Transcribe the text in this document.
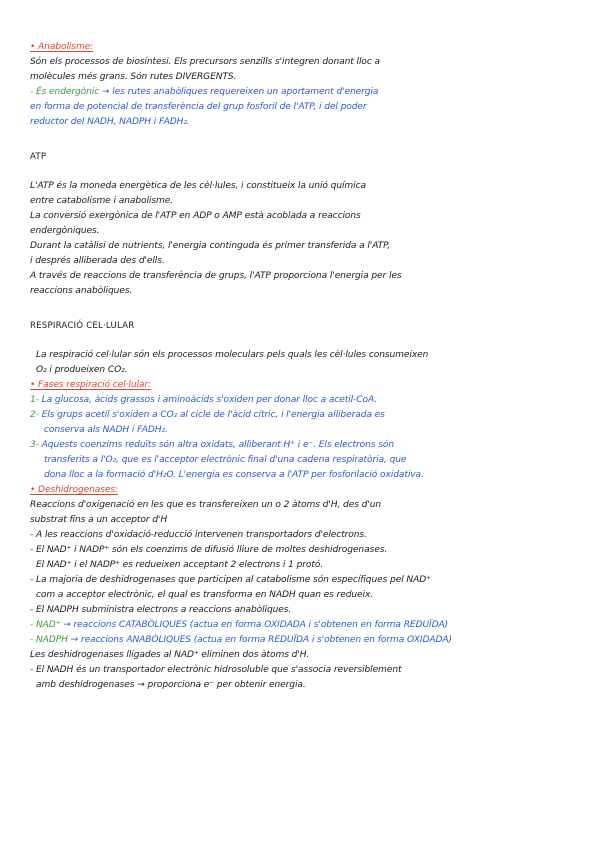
• Anabolisme:

Són els processos de biosíntesi. Els precursors senzills s'integren donant lloc a

molècules més grans. Són rutes DIVERGENTS.

- És endergònic → les rutes anabòliques requereixen un aportament d'energia

en forma de potencial de transferència del grup fosforil de l'ATP, i del poder

reductor del NADH, NADPH i FADH₂.

ATP

L'ATP és la moneda energètica de les cèl·lules, i constitueix la unió química

entre catabolisme i anabolisme.

La conversió exergònica de l'ATP en ADP o AMP està acoblada a reaccions

endergòniques.

Durant la catàlisi de nutrients, l'energia continguda és primer transferida a l'ATP,

i després alliberada des d'ells.

A través de reaccions de transferència de grups, l'ATP proporciona l'energia per les

reaccions anabòliques.

RESPIRACIÓ CEL·LULAR

La respiració cel·lular són els processos moleculars pels quals les cèl·lules consumeixen

O₂ i produeixen CO₂.

• Fases respiració cel·lular:

1- La glucosa, àcids grassos i aminoàcids s'oxiden per donar lloc a acetil-CoA.

2- Els grups acetil s'oxiden a CO₂ al cicle de l'àcid cítric, i l'energia alliberada es

conserva als NADH i FADH₂.

3- Aquests coenzims reduïts són altra oxidats, alliberant H⁺ i e⁻. Els electrons són

transferits a l'O₂, que es l'acceptor electrònic final d'una cadena respiratòria, que

dona lloc a la formació d'H₂O. L'energia es conserva a l'ATP per fosforilació oxidativa.

• Deshidrogenases:

Reaccions d'oxigenació en les que es transfereixen un o 2 àtoms d'H, des d'un

substrat fins a un acceptor d'H

- A les reaccions d'oxidació-reducció intervenen transportadors d'electrons.

- El NAD⁺ i NADP⁺ són els coenzims de difusió lliure de moltes deshidrogenases.

El NAD⁺ i el NADP⁺ es redueixen acceptant 2 electrons i 1 protó.

- La majoria de deshidrogenases que participen al catabolisme són específiques pel NAD⁺

com a acceptor electrònic, el qual es transforma en NADH quan es redueix.

- El NADPH subministra electrons a reaccions anabòliques.

- NAD⁺ → reaccions CATABÒLIQUES (actua en forma OXIDADA i s'obtenen en forma REDUÏDA)

- NADPH → reaccions ANABÒLIQUES (actua en forma REDUÏDA i s'obtenen en forma OXIDADA)

Les deshidrogenases lligades al NAD⁺ eliminen dos àtoms d'H.

- El NADH és un transportador electrònic hidrosoluble que s'associa reversiblement

amb deshidrogenases → proporciona e⁻ per obtenir energia.
